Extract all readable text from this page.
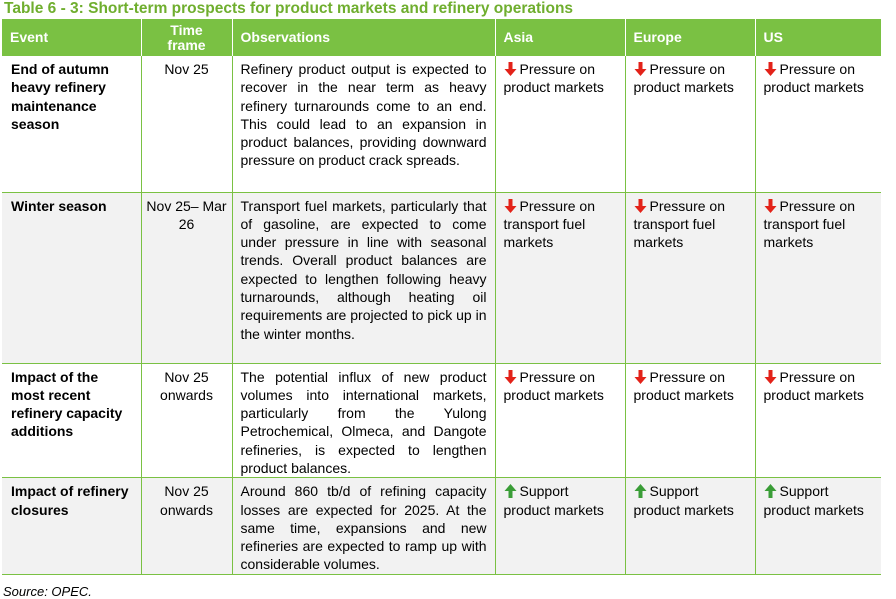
Table 6 - 3: Short-term prospects for product markets and refinery operations
Event	Time frame	Observations	Asia	Europe	US
End of autumn heavy refinery maintenance season	Nov 25	Refinery product output is expected to recover in the near term as heavy refinery turnarounds come to an end. This could lead to an expansion in product balances, providing downward pressure on product crack spreads.	Pressure on product markets	Pressure on product markets	Pressure on product markets
Winter season	Nov 25– Mar 26	Transport fuel markets, particularly that of gasoline, are expected to come under pressure in line with seasonal trends. Overall product balances are expected to lengthen following heavy turnarounds, although heating oil requirements are projected to pick up in the winter months.	Pressure on transport fuel markets	Pressure on transport fuel markets	Pressure on transport fuel markets
Impact of the most recent refinery capacity additions	Nov 25 onwards	The potential influx of new product volumes into international markets, particularly from the Yulong Petrochemical, Olmeca, and Dangote refineries, is expected to lengthen product balances.	Pressure on product markets	Pressure on product markets	Pressure on product markets
Impact of refinery closures	Nov 25 onwards	Around 860 tb/d of refining capacity losses are expected for 2025. At the same time, expansions and new refineries are expected to ramp up with considerable volumes.	Support product markets	Support product markets	Support product markets
Source: OPEC.
